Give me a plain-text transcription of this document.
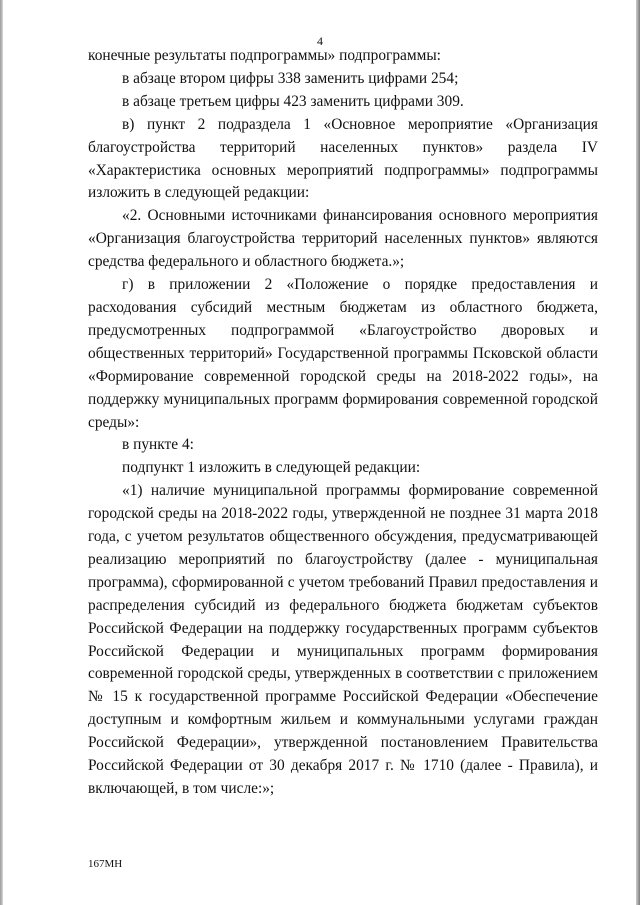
4

конечные результаты подпрограммы» подпрограммы:

в абзаце втором цифры 338 заменить цифрами 254;

в абзаце третьем цифры 423 заменить цифрами 309.

в) пункт 2 подраздела 1 «Основное мероприятие «Организация благоустройства территорий населенных пунктов» раздела IV «Характеристика основных мероприятий подпрограммы» подпрограммы изложить в следующей редакции:

«2. Основными источниками финансирования основного мероприятия «Организация благоустройства территорий населенных пунктов» являются средства федерального и областного бюджета.»;

г) в приложении 2 «Положение о порядке предоставления и расходования субсидий местным бюджетам из областного бюджета, предусмотренных подпрограммой «Благоустройство дворовых и общественных территорий» Государственной программы Псковской области «Формирование современной городской среды на 2018-2022 годы», на поддержку муниципальных программ формирования современной городской среды»:

в пункте 4:

подпункт 1 изложить в следующей редакции:

«1) наличие муниципальной программы формирование современной городской среды на 2018-2022 годы, утвержденной не позднее 31 марта 2018 года, с учетом результатов общественного обсуждения, предусматривающей реализацию мероприятий по благоустройству (далее - муниципальная программа), сформированной с учетом требований Правил предоставления и распределения субсидий из федерального бюджета бюджетам субъектов Российской Федерации на поддержку государственных программ субъектов Российской Федерации и муниципальных программ формирования современной городской среды, утвержденных в соответствии с приложением № 15 к государственной программе Российской Федерации «Обеспечение доступным и комфортным жильем и коммунальными услугами граждан Российской Федерации», утвержденной постановлением Правительства Российской Федерации от 30 декабря 2017 г. № 1710 (далее - Правила), и включающей, в том числе:»;

167МН
